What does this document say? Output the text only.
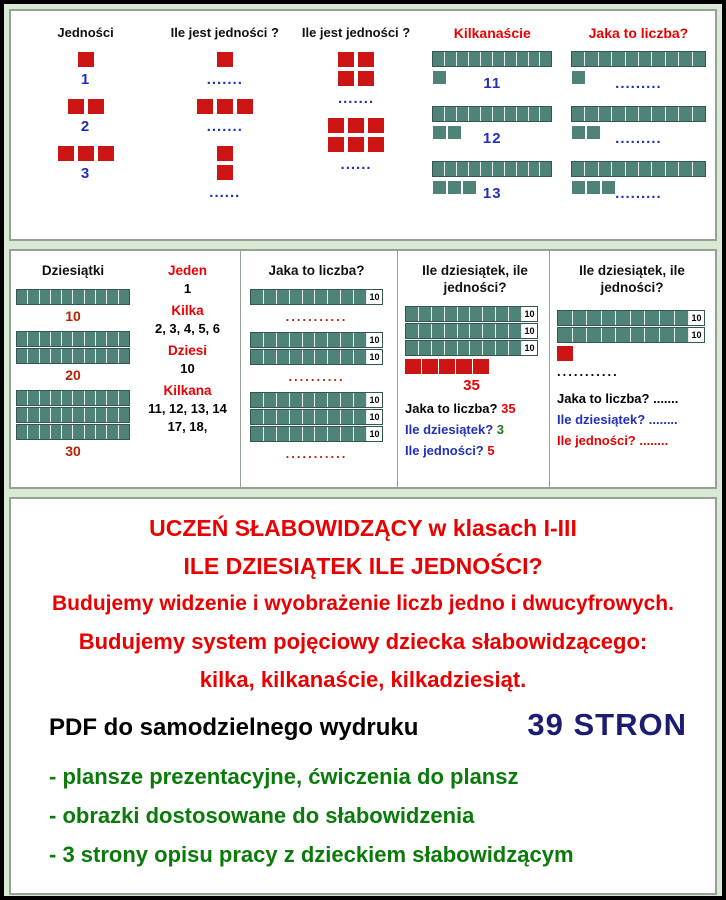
Jedności
1
2
3
Ile jest jedności ?
.......
.......
......
Ile jest jedności ?
.......
......
Kilkanaście
11
12
13
Jaka to liczba?
.........
.........
.........
Dziesiątki
10
20
30
Jeden
1
Kilka
2, 3, 4, 5, 6
Dziesi
10
Kilkana
11, 12, 13, 14
17, 18,
Jaka to liczba?
10
...........
10
10
..........
10
10
10
...........
Ile dziesiątek, ile jedności?
10
10
10
35
Jaka to liczba? 35
Ile dziesiątek? 3
Ile jedności? 5
Ile dziesiątek, ile jedności?
10
10
...........
Jaka to liczba? .......
Ile dziesiątek? ........
Ile jedności? ........
UCZEŃ SŁABOWIDZĄCY w klasach I-III
ILE DZIESIĄTEK ILE JEDNOŚCI?
Budujemy widzenie i wyobrażenie liczb jedno i dwucyfrowych.
Budujemy system pojęciowy dziecka słabowidzącego:
kilka, kilkanaście, kilkadziesiąt.
PDF do samodzielnego wydruku	39 STRON
- plansze prezentacyjne, ćwiczenia do plansz
- obrazki dostosowane do słabowidzenia
- 3 strony opisu pracy z dzieckiem słabowidzącym
